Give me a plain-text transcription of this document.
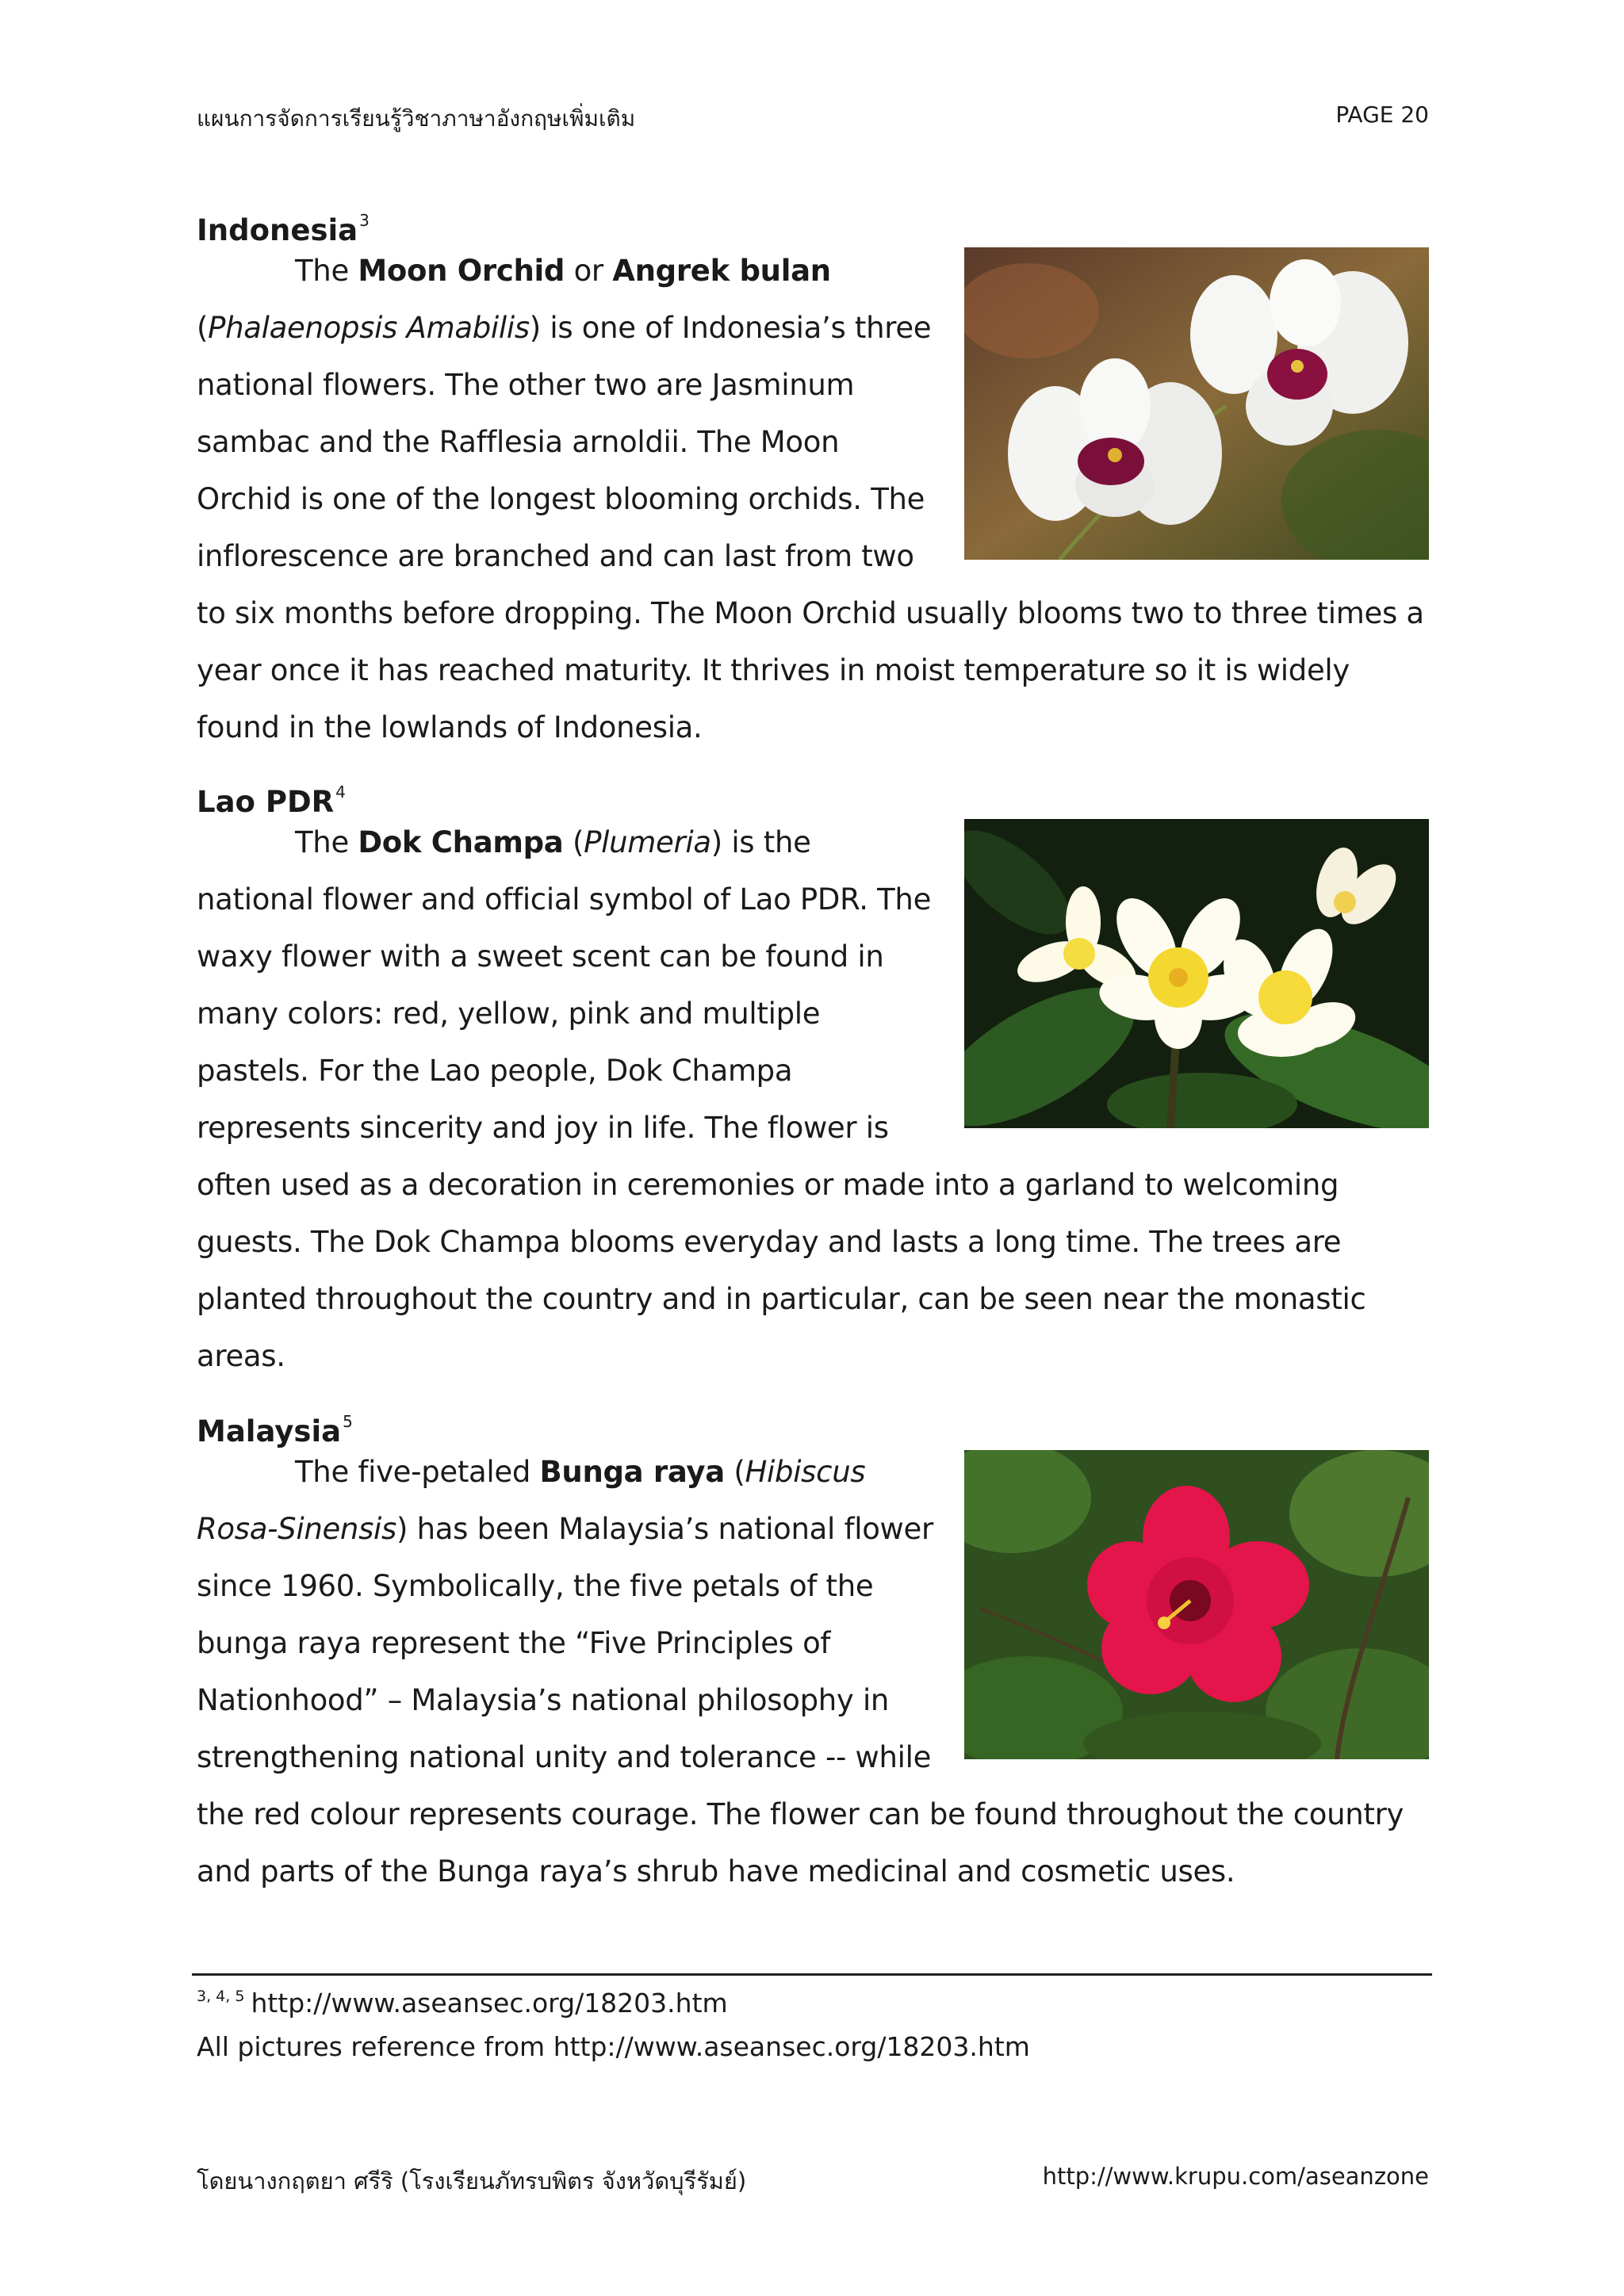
แผนการจัดการเรียนรู้วิชาภาษาอังกฤษเพิ่มเติม	PAGE 20
Indonesia $^3$

The Moon Orchid or Angrek bulan (Phalaenopsis Amabilis) is one of Indonesia’s three national flowers. The other two are Jasminum sambac and the Rafflesia arnoldii. The Moon Orchid is one of the longest blooming orchids. The inflorescence are branched and can last from two to six months before dropping. The Moon Orchid usually blooms two to three times a year once it has reached maturity. It thrives in moist temperature so it is widely found in the lowlands of Indonesia.

Lao PDR $^4$

The Dok Champa (Plumeria) is the national flower and official symbol of Lao PDR. The waxy flower with a sweet scent can be found in many colors: red, yellow, pink and multiple pastels. For the Lao people, Dok Champa represents sincerity and joy in life. The flower is often used as a decoration in ceremonies or made into a garland to welcoming guests. The Dok Champa blooms everyday and lasts a long time. The trees are planted throughout the country and in particular, can be seen near the monastic areas.

Malaysia $^5$

The five-petaled Bunga raya (Hibiscus Rosa-Sinensis) has been Malaysia’s national flower since 1960. Symbolically, the five petals of the bunga raya represent the “Five Principles of Nationhood” – Malaysia’s national philosophy in strengthening national unity and tolerance -- while the red colour represents courage. The flower can be found throughout the country and parts of the Bunga raya’s shrub have medicinal and cosmetic uses.

$^{3, 4, 5}$ http://www.aseansec.org/18203.htm
All pictures reference from http://www.aseansec.org/18203.htm
โดยนางกฤตยา ศรีริ (โรงเรียนภัทรบพิตร จังหวัดบุรีรัมย์)	http://www.krupu.com/aseanzone
